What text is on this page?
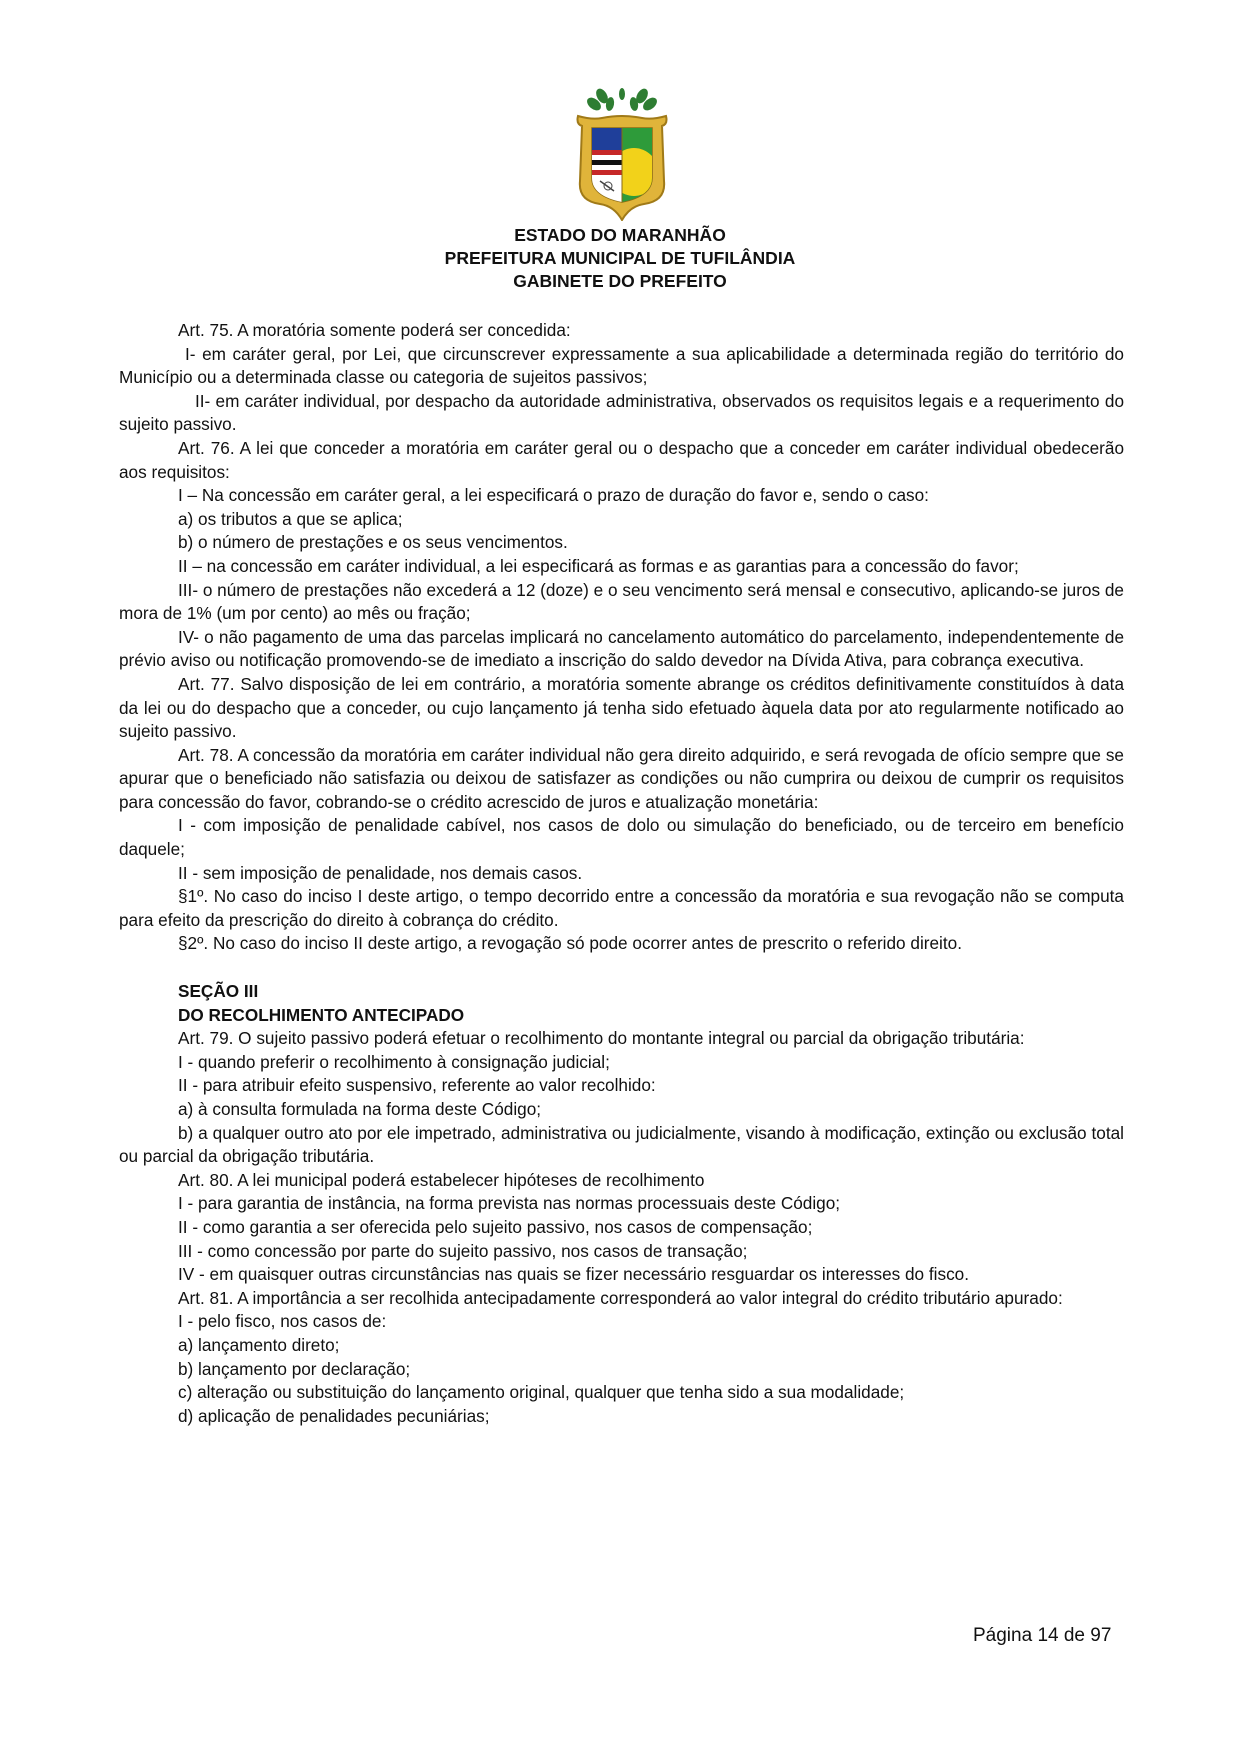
ESTADO DO MARANHÃO
PREFEITURA MUNICIPAL DE TUFILÂNDIA
GABINETE DO PREFEITO

Art. 75. A moratória somente poderá ser concedida:

I- em caráter geral, por Lei, que circunscrever expressamente a sua aplicabilidade a determinada região do território do Município ou a determinada classe ou categoria de sujeitos passivos;

II- em caráter individual, por despacho da autoridade administrativa, observados os requisitos legais e a requerimento do sujeito passivo.

Art. 76. A lei que conceder a moratória em caráter geral ou o despacho que a conceder em caráter individual obedecerão aos requisitos:

I – Na concessão em caráter geral, a lei especificará o prazo de duração do favor e, sendo o caso:

a) os tributos a que se aplica;

b) o número de prestações e os seus vencimentos.

II – na concessão em caráter individual, a lei especificará as formas e as garantias para a concessão do favor;

III- o número de prestações não excederá a 12 (doze) e o seu vencimento será mensal e consecutivo, aplicando-se juros de mora de 1% (um por cento) ao mês ou fração;

IV- o não pagamento de uma das parcelas implicará no cancelamento automático do parcelamento, independentemente de prévio aviso ou notificação promovendo-se de imediato a inscrição do saldo devedor na Dívida Ativa, para cobrança executiva.

Art. 77. Salvo disposição de lei em contrário, a moratória somente abrange os créditos definitivamente constituídos à data da lei ou do despacho que a conceder, ou cujo lançamento já tenha sido efetuado àquela data por ato regularmente notificado ao sujeito passivo.

Art. 78. A concessão da moratória em caráter individual não gera direito adquirido, e será revogada de ofício sempre que se apurar que o beneficiado não satisfazia ou deixou de satisfazer as condições ou não cumprira ou deixou de cumprir os requisitos para concessão do favor, cobrando-se o crédito acrescido de juros e atualização monetária:

I - com imposição de penalidade cabível, nos casos de dolo ou simulação do beneficiado, ou de terceiro em benefício daquele;

II - sem imposição de penalidade, nos demais casos.

§1º. No caso do inciso I deste artigo, o tempo decorrido entre a concessão da moratória e sua revogação não se computa para efeito da prescrição do direito à cobrança do crédito.

§2º. No caso do inciso II deste artigo, a revogação só pode ocorrer antes de prescrito o referido direito.

SEÇÃO III

DO RECOLHIMENTO ANTECIPADO

Art. 79. O sujeito passivo poderá efetuar o recolhimento do montante integral ou parcial da obrigação tributária:

I - quando preferir o recolhimento à consignação judicial;

II - para atribuir efeito suspensivo, referente ao valor recolhido:

a) à consulta formulada na forma deste Código;

b) a qualquer outro ato por ele impetrado, administrativa ou judicialmente, visando à modificação, extinção ou exclusão total ou parcial da obrigação tributária.

Art. 80. A lei municipal poderá estabelecer hipóteses de recolhimento

I - para garantia de instância, na forma prevista nas normas processuais deste Código;

II - como garantia a ser oferecida pelo sujeito passivo, nos casos de compensação;

III - como concessão por parte do sujeito passivo, nos casos de transação;

IV - em quaisquer outras circunstâncias nas quais se fizer necessário resguardar os interesses do fisco.

Art. 81. A importância a ser recolhida antecipadamente corresponderá ao valor integral do crédito tributário apurado:

I - pelo fisco, nos casos de:

a) lançamento direto;

b) lançamento por declaração;

c) alteração ou substituição do lançamento original, qualquer que tenha sido a sua modalidade;

d) aplicação de penalidades pecuniárias;

Página 14 de 97
